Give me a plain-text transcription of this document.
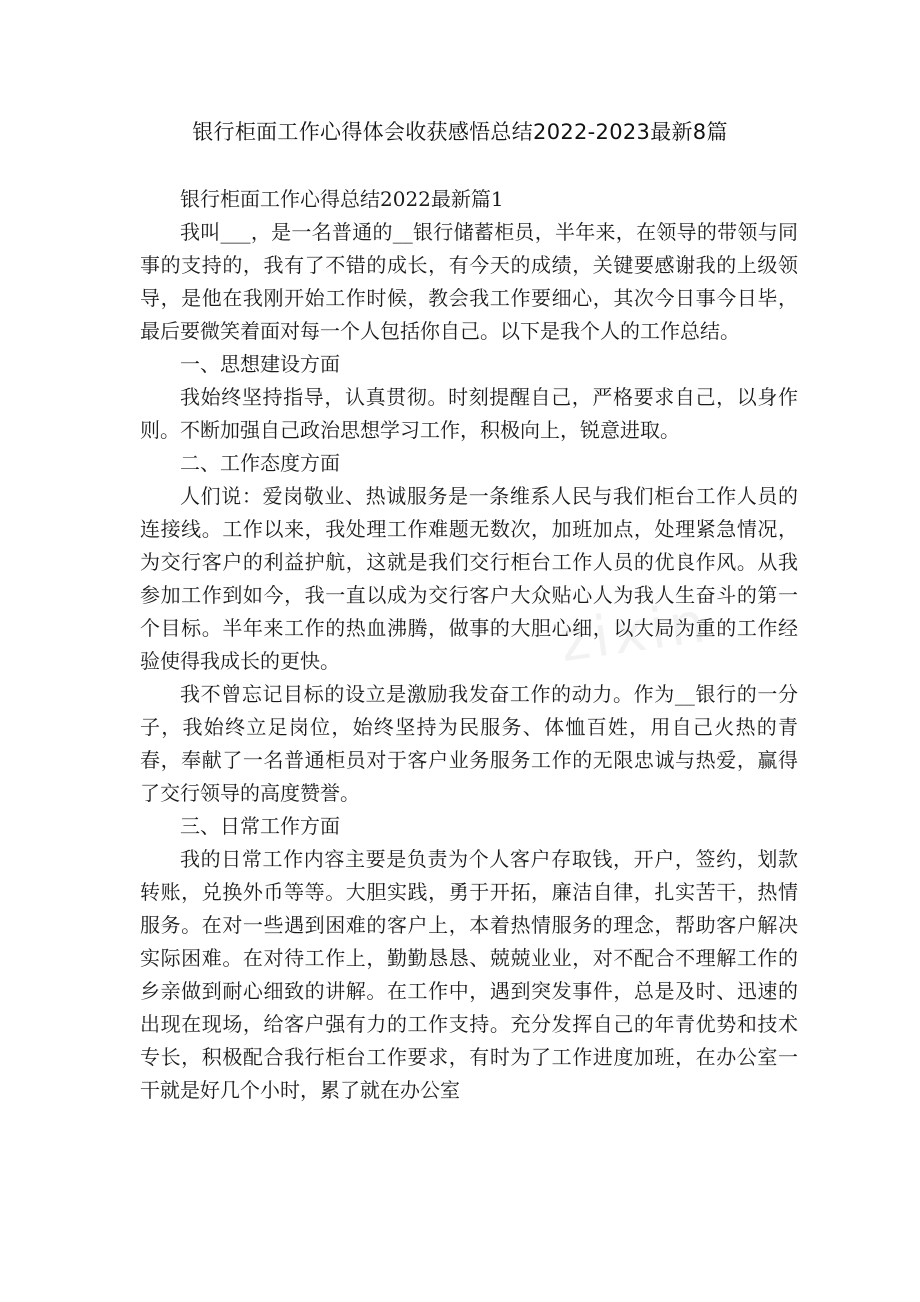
银行柜面工作心得体会收获感悟总结2022-2023最新8篇

银行柜面工作心得总结2022最新篇1

我叫___，是一名普通的__银行储蓄柜员，半年来，在领导的带领与同事的支持的，我有了不错的成长，有今天的成绩，关键要感谢我的上级领导，是他在我刚开始工作时候，教会我工作要细心，其次今日事今日毕，最后要微笑着面对每一个人包括你自己。以下是我个人的工作总结。

一、思想建设方面

我始终坚持指导，认真贯彻。时刻提醒自己，严格要求自己，以身作则。不断加强自己政治思想学习工作，积极向上，锐意进取。

二、工作态度方面

人们说：爱岗敬业、热诚服务是一条维系人民与我们柜台工作人员的连接线。工作以来，我处理工作难题无数次，加班加点，处理紧急情况，为交行客户的利益护航，这就是我们交行柜台工作人员的优良作风。从我参加工作到如今，我一直以成为交行客户大众贴心人为我人生奋斗的第一个目标。半年来工作的热血沸腾，做事的大胆心细，以大局为重的工作经验使得我成长的更快。

我不曾忘记目标的设立是激励我发奋工作的动力。作为__银行的一分子，我始终立足岗位，始终坚持为民服务、体恤百姓，用自己火热的青春，奉献了一名普通柜员对于客户业务服务工作的无限忠诚与热爱，赢得了交行领导的高度赞誉。

三、日常工作方面

我的日常工作内容主要是负责为个人客户存取钱，开户，签约，划款转账，兑换外币等等。大胆实践，勇于开拓，廉洁自律，扎实苦干，热情服务。在对一些遇到困难的客户上，本着热情服务的理念，帮助客户解决实际困难。在对待工作上，勤勤恳恳、兢兢业业，对不配合不理解工作的乡亲做到耐心细致的讲解。在工作中，遇到突发事件，总是及时、迅速的出现在现场，给客户强有力的工作支持。充分发挥自己的年青优势和技术专长，积极配合我行柜台工作要求，有时为了工作进度加班，在办公室一干就是好几个小时，累了就在办公室

zixin
